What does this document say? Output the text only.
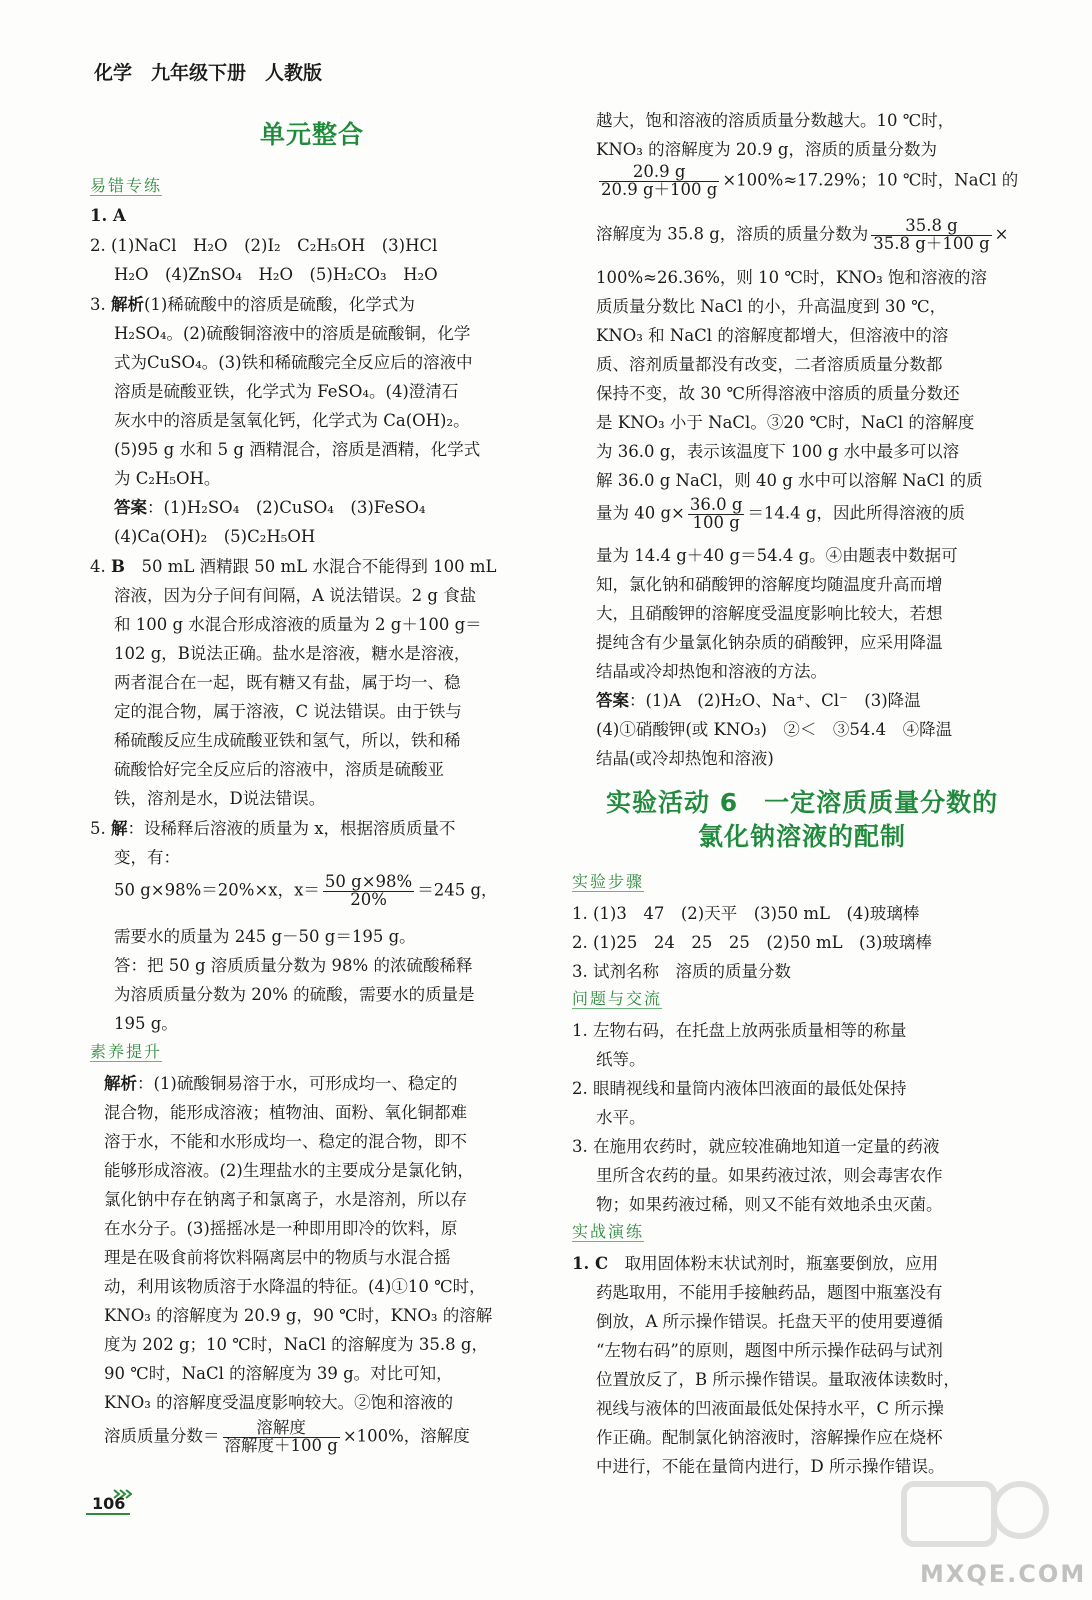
化学　九年级下册　人教版
单元整合
易错专练
1. A
2. (1)NaCl　H₂O　(2)I₂　C₂H₅OH　(3)HCl
H₂O　(4)ZnSO₄　H₂O　(5)H₂CO₃　H₂O
3. 解析(1)稀硫酸中的溶质是硫酸，化学式为
H₂SO₄。(2)硫酸铜溶液中的溶质是硫酸铜，化学
式为CuSO₄。(3)铁和稀硫酸完全反应后的溶液中
溶质是硫酸亚铁，化学式为 FeSO₄。(4)澄清石
灰水中的溶质是氢氧化钙，化学式为 Ca(OH)₂。
(5)95 g 水和 5 g 酒精混合，溶质是酒精，化学式
为 C₂H₅OH。
答案：(1)H₂SO₄　(2)CuSO₄　(3)FeSO₄
(4)Ca(OH)₂　(5)C₂H₅OH
4. B　50 mL 酒精跟 50 mL 水混合不能得到 100 mL
溶液，因为分子间有间隔，A 说法错误。2 g 食盐
和 100 g 水混合形成溶液的质量为 2 g＋100 g＝
102 g，B说法正确。盐水是溶液，糖水是溶液，
两者混合在一起，既有糖又有盐，属于均一、稳
定的混合物，属于溶液，C 说法错误。由于铁与
稀硫酸反应生成硫酸亚铁和氢气，所以，铁和稀
硫酸恰好完全反应后的溶液中，溶质是硫酸亚
铁，溶剂是水，D说法错误。
5. 解：设稀释后溶液的质量为 x，根据溶质质量不
变，有：
50 g×98%＝20%×x，$x= \frac{50 g\times 98\%}{20\%} =245$ g，
需要水的质量为 245 g－50 g＝195 g。
答：把 50 g 溶质质量分数为 98% 的浓硫酸稀释
为溶质质量分数为 20% 的硫酸，需要水的质量是
195 g。
素养提升
解析：(1)硫酸铜易溶于水，可形成均一、稳定的
混合物，能形成溶液；植物油、面粉、氧化铜都难
溶于水，不能和水形成均一、稳定的混合物，即不
能够形成溶液。(2)生理盐水的主要成分是氯化钠，
氯化钠中存在钠离子和氯离子，水是溶剂，所以存
在水分子。(3)摇摇冰是一种即用即冷的饮料，原
理是在吸食前将饮料隔离层中的物质与水混合摇
动，利用该物质溶于水降温的特征。(4)①10 ℃时，
KNO₃ 的溶解度为 20.9 g，90 ℃时，KNO₃ 的溶解
度为 202 g；10 ℃时，NaCl 的溶解度为 35.8 g，
90 ℃时，NaCl 的溶解度为 39 g。对比可知，
KNO₃ 的溶解度受温度影响较大。②饱和溶液的
溶质质量分数＝ $\frac{\text{溶解度}}{\text{溶解度＋100 g}} \times 100\%$，溶解度
106
越大，饱和溶液的溶质质量分数越大。10 ℃时，
KNO₃ 的溶解度为 20.9 g，溶质的质量分数为
$\frac{20.9 g}{20.9 g+100 g} \times 100\%\approx 17.29\%$；10 ℃时，NaCl 的
溶解度为 35.8 g，溶质的质量分数为 $\frac{35.8 g}{35.8 g+100 g}$ ×
100%≈26.36%，则 10 ℃时，KNO₃ 饱和溶液的溶
质质量分数比 NaCl 的小，升高温度到 30 ℃，
KNO₃ 和 NaCl 的溶解度都增大，但溶液中的溶
质、溶剂质量都没有改变，二者溶质质量分数都
保持不变，故 30 ℃所得溶液中溶质的质量分数还
是 KNO₃ 小于 NaCl。③20 ℃时，NaCl 的溶解度
为 36.0 g，表示该温度下 100 g 水中最多可以溶
解 36.0 g NaCl，则 40 g 水中可以溶解 NaCl 的质
量为 40 $g\times \frac{36.0 g}{100 g} =14.4$ g，因此所得溶液的质
量为 14.4 g＋40 g＝54.4 g。④由题表中数据可
知，氯化钠和硝酸钾的溶解度均随温度升高而增
大，且硝酸钾的溶解度受温度影响比较大，若想
提纯含有少量氯化钠杂质的硝酸钾，应采用降温
结晶或冷却热饱和溶液的方法。
答案：(1)A　(2)H₂O、Na⁺、Cl⁻　(3)降温
(4)①硝酸钾(或 KNO₃)　②＜　③54.4　④降温
结晶(或冷却热饱和溶液)
实验活动 6　一定溶质质量分数的
氯化钠溶液的配制
实验步骤
1. (1)3　47　(2)天平　(3)50 mL　(4)玻璃棒
2. (1)25　24　25　25　(2)50 mL　(3)玻璃棒
3. 试剂名称　溶质的质量分数
问题与交流
1. 左物右码，在托盘上放两张质量相等的称量
纸等。
2. 眼睛视线和量筒内液体凹液面的最低处保持
水平。
3. 在施用农药时，就应较准确地知道一定量的药液
里所含农药的量。如果药液过浓，则会毒害农作
物；如果药液过稀，则又不能有效地杀虫灭菌。
实战演练
1. C　取用固体粉末状试剂时，瓶塞要倒放，应用
药匙取用，不能用手接触药品，题图中瓶塞没有
倒放，A 所示操作错误。托盘天平的使用要遵循
“左物右码”的原则，题图中所示操作砝码与试剂
位置放反了，B 所示操作错误。量取液体读数时，
视线与液体的凹液面最低处保持水平，C 所示操
作正确。配制氯化钠溶液时，溶解操作应在烧杯
中进行，不能在量筒内进行，D 所示操作错误。
MXQE.COM
